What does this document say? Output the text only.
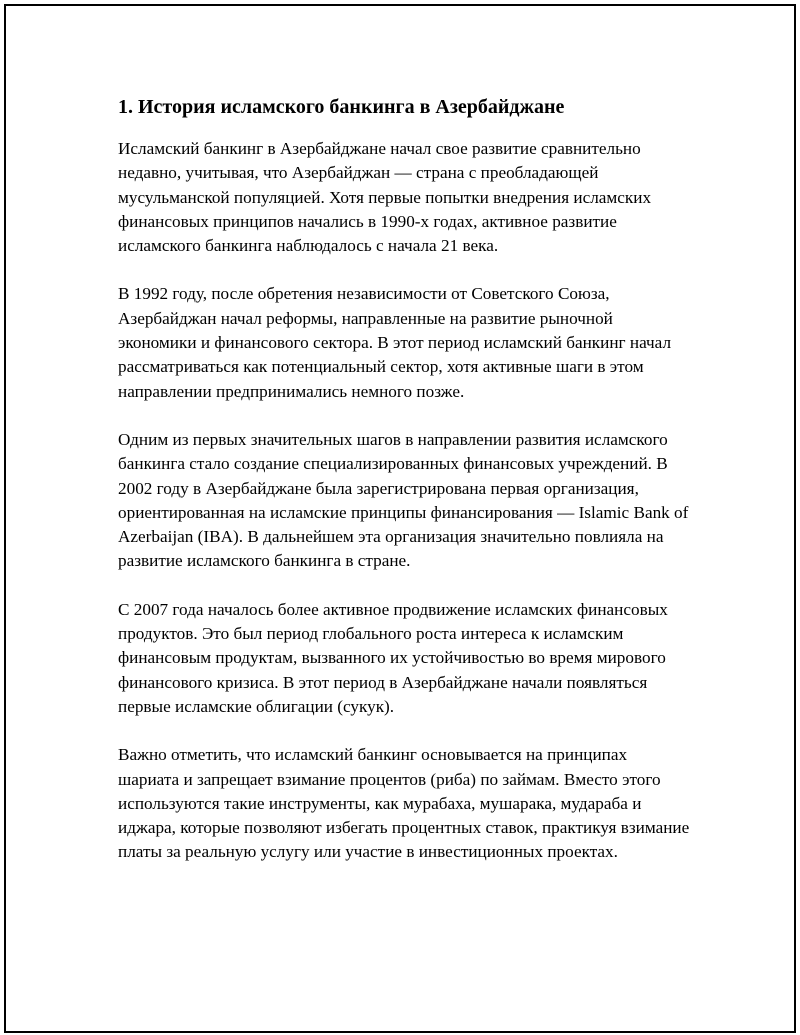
1. История исламского банкинга в Азербайджане

Исламский банкинг в Азербайджане начал свое развитие сравнительно недавно, учитывая, что Азербайджан — страна с преобладающей мусульманской популяцией. Хотя первые попытки внедрения исламских финансовых принципов начались в 1990-х годах, активное развитие исламского банкинга наблюдалось с начала 21 века.

В 1992 году, после обретения независимости от Советского Союза, Азербайджан начал реформы, направленные на развитие рыночной экономики и финансового сектора. В этот период исламский банкинг начал рассматриваться как потенциальный сектор, хотя активные шаги в этом направлении предпринимались немного позже.

Одним из первых значительных шагов в направлении развития исламского банкинга стало создание специализированных финансовых учреждений. В 2002 году в Азербайджане была зарегистрирована первая организация, ориентированная на исламские принципы финансирования — Islamic Bank of Azerbaijan (IBA). В дальнейшем эта организация значительно повлияла на развитие исламского банкинга в стране.

С 2007 года началось более активное продвижение исламских финансовых продуктов. Это был период глобального роста интереса к исламским финансовым продуктам, вызванного их устойчивостью во время мирового финансового кризиса. В этот период в Азербайджане начали появляться первые исламские облигации (сукук).

Важно отметить, что исламский банкинг основывается на принципах шариата и запрещает взимание процентов (риба) по займам. Вместо этого используются такие инструменты, как мурабаха, мушарака, мудараба и иджара, которые позволяют избегать процентных ставок, практикуя взимание платы за реальную услугу или участие в инвестиционных проектах.
